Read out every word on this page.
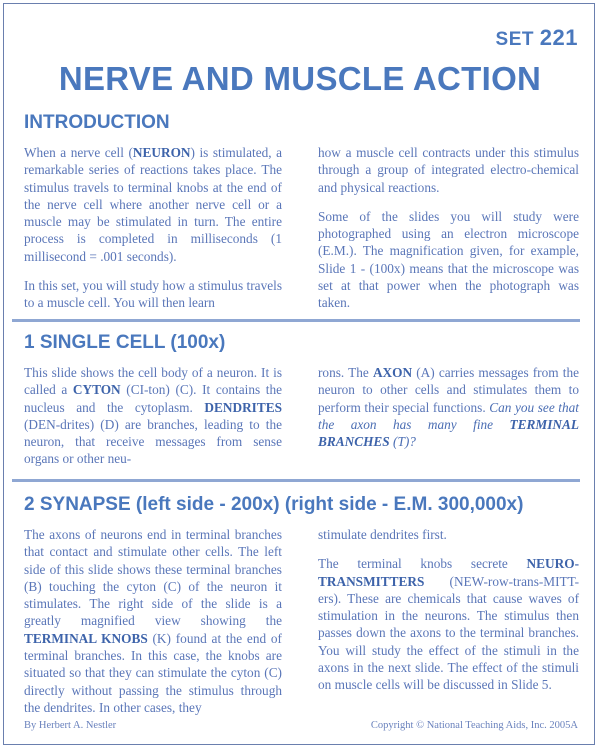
SET 221
NERVE AND MUSCLE ACTION
INTRODUCTION

When a nerve cell (NEURON) is stimulated, a remarkable series of reactions takes place. The stimulus travels to terminal knobs at the end of the nerve cell where another nerve cell or a muscle may be stimulated in turn. The entire process is completed in milliseconds (1 millisecond = .001 seconds).

In this set, you will study how a stimulus travels to a muscle cell. You will then learn

how a muscle cell contracts under this stimulus through a group of integrated electro-chemical and physical reactions.

Some of the slides you will study were photographed using an electron microscope (E.M.). The magnification given, for example, Slide 1 - (100x) means that the microscope was set at that power when the photograph was taken.

1 SINGLE CELL (100x)

This slide shows the cell body of a neuron. It is called a CYTON (CI-ton) (C). It contains the nucleus and the cytoplasm. DENDRITES (DEN-drites) (D) are branches, leading to the neuron, that receive messages from sense organs or other neu-

rons. The AXON (A) carries messages from the neuron to other cells and stimulates them to perform their special functions. Can you see that the axon has many fine TERMINAL BRANCHES (T)?

2 SYNAPSE (left side - 200x) (right side - E.M. 300,000x)

The axons of neurons end in terminal branches that contact and stimulate other cells. The left side of this slide shows these terminal branches (B) touching the cyton (C) of the neuron it stimulates. The right side of the slide is a greatly magnified view showing the TERMINAL KNOBS (K) found at the end of terminal branches. In this case, the knobs are situated so that they can stimulate the cyton (C) directly without passing the stimulus through the dendrites. In other cases, they

stimulate dendrites first.

The terminal knobs secrete NEURO-TRANSMITTERS (NEW-row-trans-MITT-ers). These are chemicals that cause waves of stimulation in the neurons. The stimulus then passes down the axons to the terminal branches. You will study the effect of the stimuli in the axons in the next slide. The effect of the stimuli on muscle cells will be discussed in Slide 5.

By Herbert A. Nestler	Copyright © National Teaching Aids, Inc. 2005A
